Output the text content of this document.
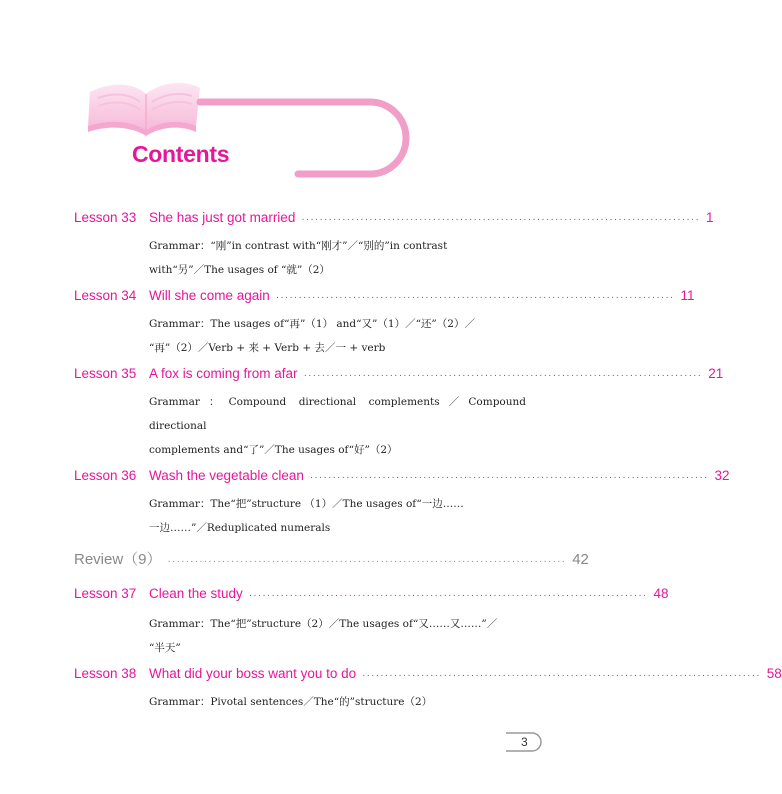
Contents
Lesson 33 She has just got married ························································································ 1
Grammar：“刚”in contrast with“刚才”／“别的”in contrast
with“另”／The usages of “就”（2）
Lesson 34 Will she come again ························································································ 11
Grammar：The usages of“再”（1） and“又”（1）／“还”（2）／
“再”（2）／Verb + 来 + Verb + 去／一 + verb
Lesson 35 A fox is coming from afar ························································································ 21
Grammar：Compound directional complements／Compound directional
complements and“了”／The usages of“好”（2）
Lesson 36 Wash the vegetable clean ························································································ 32
Grammar：The“把”structure （1）／The usages of“一边……
一边……”／Reduplicated numerals
Review（9） ························································································ 42
Lesson 37 Clean the study ························································································ 48
Grammar：The“把”structure（2）／The usages of“又……又……”／
“半天”
Lesson 38 What did your boss want you to do ························································································ 58
Grammar：Pivotal sentences／The“的”structure（2）
3
